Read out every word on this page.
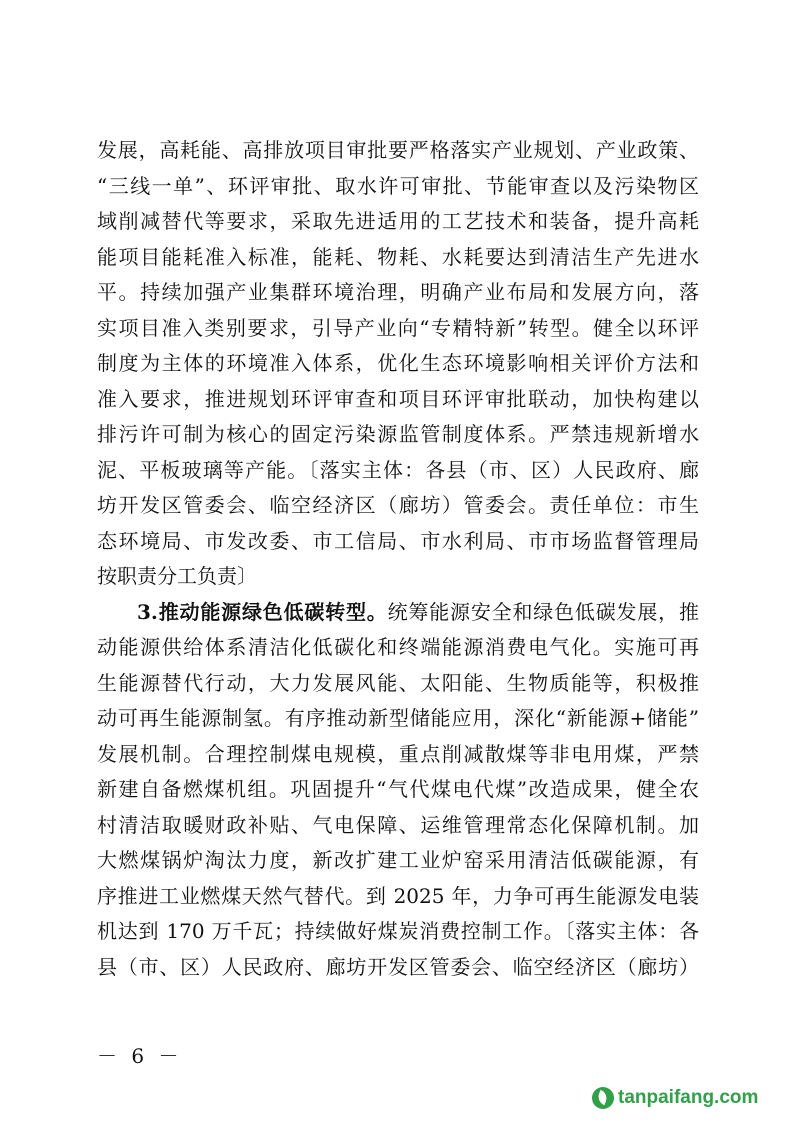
发展，高耗能、高排放项目审批要严格落实产业规划、产业政策、
“三线一单”、环评审批、取水许可审批、节能审查以及污染物区
域削减替代等要求，采取先进适用的工艺技术和装备，提升高耗
能项目能耗准入标准，能耗、物耗、水耗要达到清洁生产先进水
平。持续加强产业集群环境治理，明确产业布局和发展方向，落
实项目准入类别要求，引导产业向“专精特新”转型。健全以环评
制度为主体的环境准入体系，优化生态环境影响相关评价方法和
准入要求，推进规划环评审查和项目环评审批联动，加快构建以
排污许可制为核心的固定污染源监管制度体系。严禁违规新增水
泥、平板玻璃等产能。〔落实主体：各县（市、区）人民政府、廊
坊开发区管委会、临空经济区（廊坊）管委会。责任单位：市生
态环境局、市发改委、市工信局、市水利局、市市场监督管理局
按职责分工负责〕
3.推动能源绿色低碳转型。统筹能源安全和绿色低碳发展，推
动能源供给体系清洁化低碳化和终端能源消费电气化。实施可再
生能源替代行动，大力发展风能、太阳能、生物质能等，积极推
动可再生能源制氢。有序推动新型储能应用，深化“新能源+储能”
发展机制。合理控制煤电规模，重点削减散煤等非电用煤，严禁
新建自备燃煤机组。巩固提升“气代煤电代煤”改造成果，健全农
村清洁取暖财政补贴、气电保障、运维管理常态化保障机制。加
大燃煤锅炉淘汰力度，新改扩建工业炉窑采用清洁低碳能源，有
序推进工业燃煤天然气替代。到 2025 年，力争可再生能源发电装
机达到 170 万千瓦；持续做好煤炭消费控制工作。〔落实主体：各
县（市、区）人民政府、廊坊开发区管委会、临空经济区（廊坊）
－ 6 －
tanpaifang.com
